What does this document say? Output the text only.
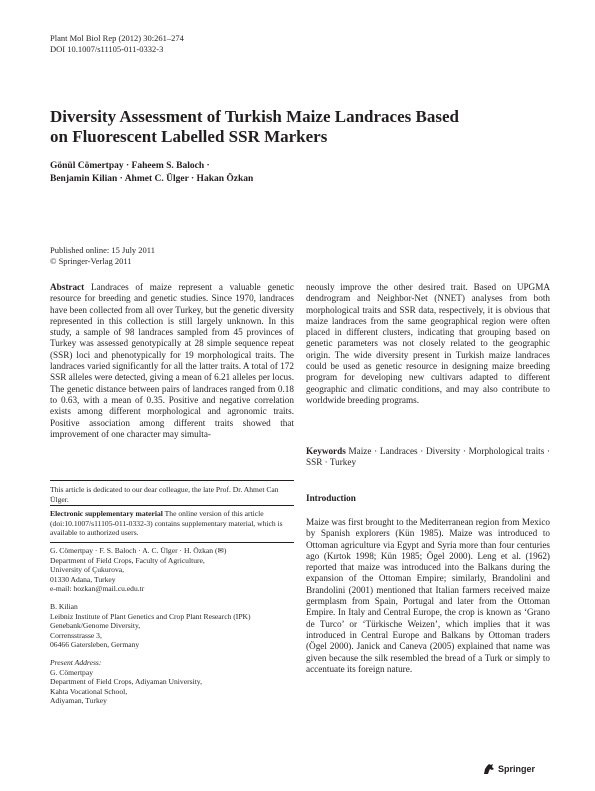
Plant Mol Biol Rep (2012) 30:261–274
DOI 10.1007/s11105-011-0332-3
Diversity Assessment of Turkish Maize Landraces Based
on Fluorescent Labelled SSR Markers
Gönül Cömertpay · Faheem S. Baloch ·
Benjamin Kilian · Ahmet C. Ülger · Hakan Özkan
Published online: 15 July 2011
© Springer-Verlag 2011
Abstract Landraces of maize represent a valuable genetic resource for breeding and genetic studies. Since 1970, landraces have been collected from all over Turkey, but the genetic diversity represented in this collection is still largely unknown. In this study, a sample of 98 landraces sampled from 45 provinces of Turkey was assessed genotypically at 28 simple sequence repeat (SSR) loci and phenotypically for 19 morphological traits. The landraces varied significantly for all the latter traits. A total of 172 SSR alleles were detected, giving a mean of 6.21 alleles per locus. The genetic distance between pairs of landraces ranged from 0.18 to 0.63, with a mean of 0.35. Positive and negative correlation exists among different morphological and agronomic traits. Positive association among different traits showed that improvement of one character may simulta-

This article is dedicated to our dear colleague, the late Prof. Dr. Ahmet Can Ülger.

Electronic supplementary material The online version of this article (doi:10.1007/s11105-011-0332-3) contains supplementary material, which is available to authorized users.

G. Cömertpay · F. S. Baloch · A. C. Ülger · H. Özkan (✉)

Department of Field Crops, Faculty of Agriculture,

University of Çukurova,

01330 Adana, Turkey

e-mail: hozkan@mail.cu.edu.tr

B. Kilian

Leibniz Institute of Plant Genetics and Crop Plant Research (IPK)

Genebank/Genome Diversity,

Corrensstrasse 3,

06466 Gatersleben, Germany

Present Address:

G. Cömertpay

Department of Field Crops, Adiyaman University,

Kahta Vocational School,

Adiyaman, Turkey

neously improve the other desired trait. Based on UPGMA dendrogram and Neighbor-Net (NNET) analyses from both morphological traits and SSR data, respectively, it is obvious that maize landraces from the same geographical region were often placed in different clusters, indicating that grouping based on genetic parameters was not closely related to the geographic origin. The wide diversity present in Turkish maize landraces could be used as genetic resource in designing maize breeding program for developing new cultivars adapted to different geographic and climatic conditions, and may also contribute to worldwide breeding programs.
Keywords Maize · Landraces · Diversity · Morphological traits · SSR · Turkey
Introduction
Maize was first brought to the Mediterranean region from Mexico by Spanish explorers (Kün 1985). Maize was introduced to Ottoman agriculture via Egypt and Syria more than four centuries ago (Kırtok 1998; Kün 1985; Ögel 2000). Leng et al. (1962) reported that maize was introduced into the Balkans during the expansion of the Ottoman Empire; similarly, Brandolini and Brandolini (2001) mentioned that Italian farmers received maize germplasm from Spain, Portugal and later from the Ottoman Empire. In Italy and Central Europe, the crop is known as ‘Grano de Turco’ or ‘Türkische Weizen’, which implies that it was introduced in Central Europe and Balkans by Ottoman traders (Ögel 2000). Janick and Caneva (2005) explained that name was given because the silk resembled the bread of a Turk or simply to accentuate its foreign nature.
Springer
